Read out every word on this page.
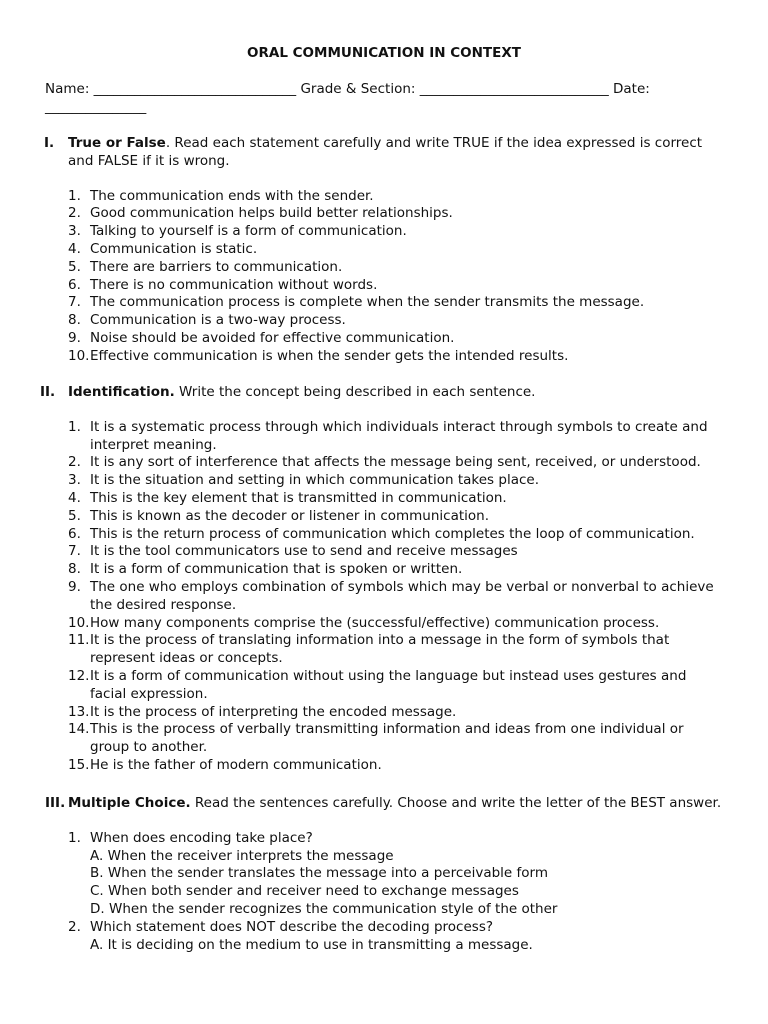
ORAL COMMUNICATION IN CONTEXT
Name: ______________________________ Grade & Section: ____________________________ Date:
_______________
I. True or False. Read each statement carefully and write TRUE if the idea expressed is correct and FALSE if it is wrong.
1. The communication ends with the sender.
2. Good communication helps build better relationships.
3. Talking to yourself is a form of communication.
4. Communication is static.
5. There are barriers to communication.
6. There is no communication without words.
7. The communication process is complete when the sender transmits the message.
8. Communication is a two-way process.
9. Noise should be avoided for effective communication.
10. Effective communication is when the sender gets the intended results.
II. Identification. Write the concept being described in each sentence.
1. It is a systematic process through which individuals interact through symbols to create and interpret meaning.
2. It is any sort of interference that affects the message being sent, received, or understood.
3. It is the situation and setting in which communication takes place.
4. This is the key element that is transmitted in communication.
5. This is known as the decoder or listener in communication.
6. This is the return process of communication which completes the loop of communication.
7. It is the tool communicators use to send and receive messages
8. It is a form of communication that is spoken or written.
9. The one who employs combination of symbols which may be verbal or nonverbal to achieve the desired response.
10. How many components comprise the (successful/effective) communication process.
11. It is the process of translating information into a message in the form of symbols that represent ideas or concepts.
12. It is a form of communication without using the language but instead uses gestures and facial expression.
13. It is the process of interpreting the encoded message.
14. This is the process of verbally transmitting information and ideas from one individual or group to another.
15. He is the father of modern communication.
III. Multiple Choice. Read the sentences carefully. Choose and write the letter of the BEST answer.
1. When does encoding take place?
A. When the receiver interprets the message
B. When the sender translates the message into a perceivable form
C. When both sender and receiver need to exchange messages
D. When the sender recognizes the communication style of the other
2. Which statement does NOT describe the decoding process?
A. It is deciding on the medium to use in transmitting a message.
